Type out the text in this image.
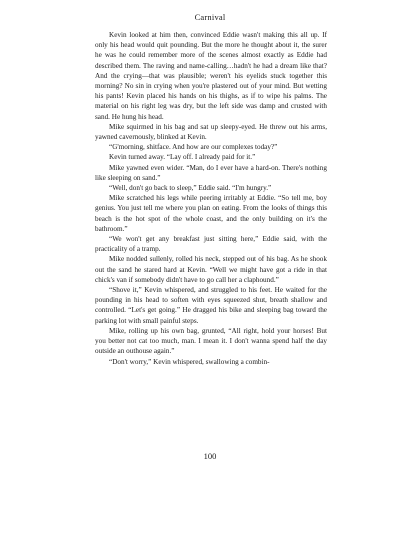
Carnival

Kevin looked at him then, convinced Eddie wasn't making this all up. If only his head would quit pounding. But the more he thought about it, the surer he was he could remember more of the scenes almost exactly as Eddie had described them. The raving and name-calling…hadn't he had a dream like that? And the crying—that was plausible; weren't his eyelids stuck together this morning? No sin in crying when you're plastered out of your mind. But wetting his pants! Kevin placed his hands on his thighs, as if to wipe his palms. The material on his right leg was dry, but the left side was damp and crusted with sand. He hung his head.

Mike squirmed in his bag and sat up sleepy-eyed. He threw out his arms, yawned cavernously, blinked at Kevin.

“G'morning, shitface. And how are our complexes today?”

Kevin turned away. “Lay off. I already paid for it.”

Mike yawned even wider. “Man, do I ever have a hard-on. There's nothing like sleeping on sand.”

“Well, don't go back to sleep,” Eddie said. “I'm hungry.”

Mike scratched his legs while peering irritably at Eddie. “So tell me, boy genius. You just tell me where you plan on eating. From the looks of things this beach is the hot spot of the whole coast, and the only building on it's the bathroom.”

“We won't get any breakfast just sitting here,” Eddie said, with the practicality of a tramp.

Mike nodded sullenly, rolled his neck, stepped out of his bag. As he shook out the sand he stared hard at Kevin. “Well we might have got a ride in that chick's van if somebody didn't have to go call her a claphound.”

“Shove it,” Kevin whispered, and struggled to his feet. He waited for the pounding in his head to soften with eyes squeezed shut, breath shallow and controlled. “Let's get going.” He dragged his bike and sleeping bag toward the parking lot with small painful steps.

Mike, rolling up his own bag, grunted, “All right, hold your horses! But you better not cat too much, man. I mean it. I don't wanna spend half the day outside an outhouse again.”

“Don't worry,” Kevin whispered, swallowing a combin-

100
